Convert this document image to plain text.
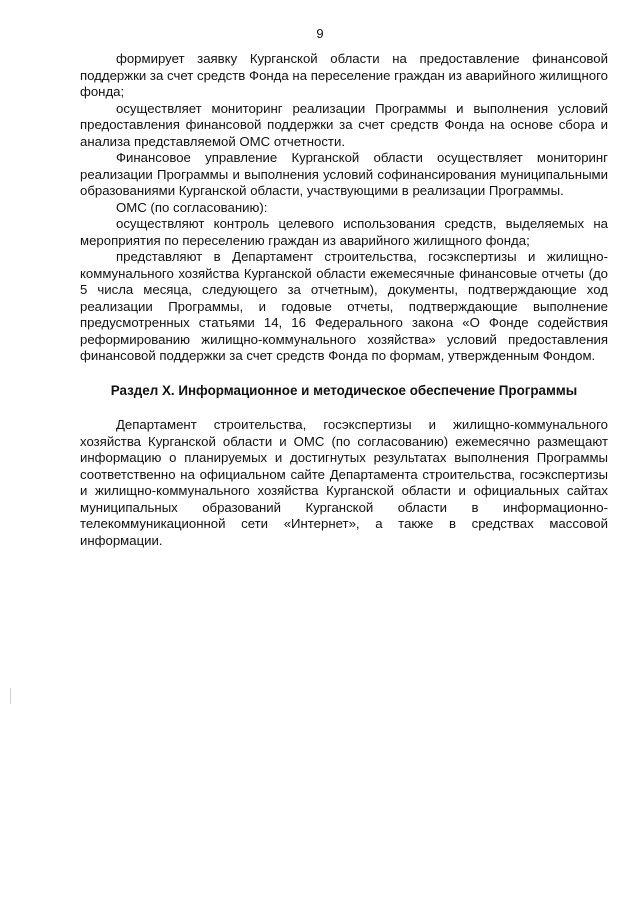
9

формирует заявку Курганской области на предоставление финансовой поддержки за счет средств Фонда на переселение граждан из аварийного жилищного фонда;

осуществляет мониторинг реализации Программы и выполнения условий предоставления финансовой поддержки за счет средств Фонда на основе сбора и анализа представляемой ОМС отчетности.

Финансовое управление Курганской области осуществляет мониторинг реализации Программы и выполнения условий софинансирования муниципальными образованиями Курганской области, участвующими в реализации Программы.

ОМС (по согласованию):

осуществляют контроль целевого использования средств, выделяемых на мероприятия по переселению граждан из аварийного жилищного фонда;

представляют в Департамент строительства, госэкспертизы и жилищно-коммунального хозяйства Курганской области ежемесячные финансовые отчеты (до 5 числа месяца, следующего за отчетным), документы, подтверждающие ход реализации Программы, и годовые отчеты, подтверждающие выполнение предусмотренных статьями 14, 16 Федерального закона «О Фонде содействия реформированию жилищно-коммунального хозяйства» условий предоставления финансовой поддержки за счет средств Фонда по формам, утвержденным Фондом.

Раздел X. Информационное и методическое обеспечение Программы

Департамент строительства, госэкспертизы и жилищно-коммунального хозяйства Курганской области и ОМС (по согласованию) ежемесячно размещают информацию о планируемых и достигнутых результатах выполнения Программы соответственно на официальном сайте Департамента строительства, госэкспертизы и жилищно-коммунального хозяйства Курганской области и официальных сайтах муниципальных образований Курганской области в информационно-телекоммуникационной сети «Интернет», а также в средствах массовой информации.
